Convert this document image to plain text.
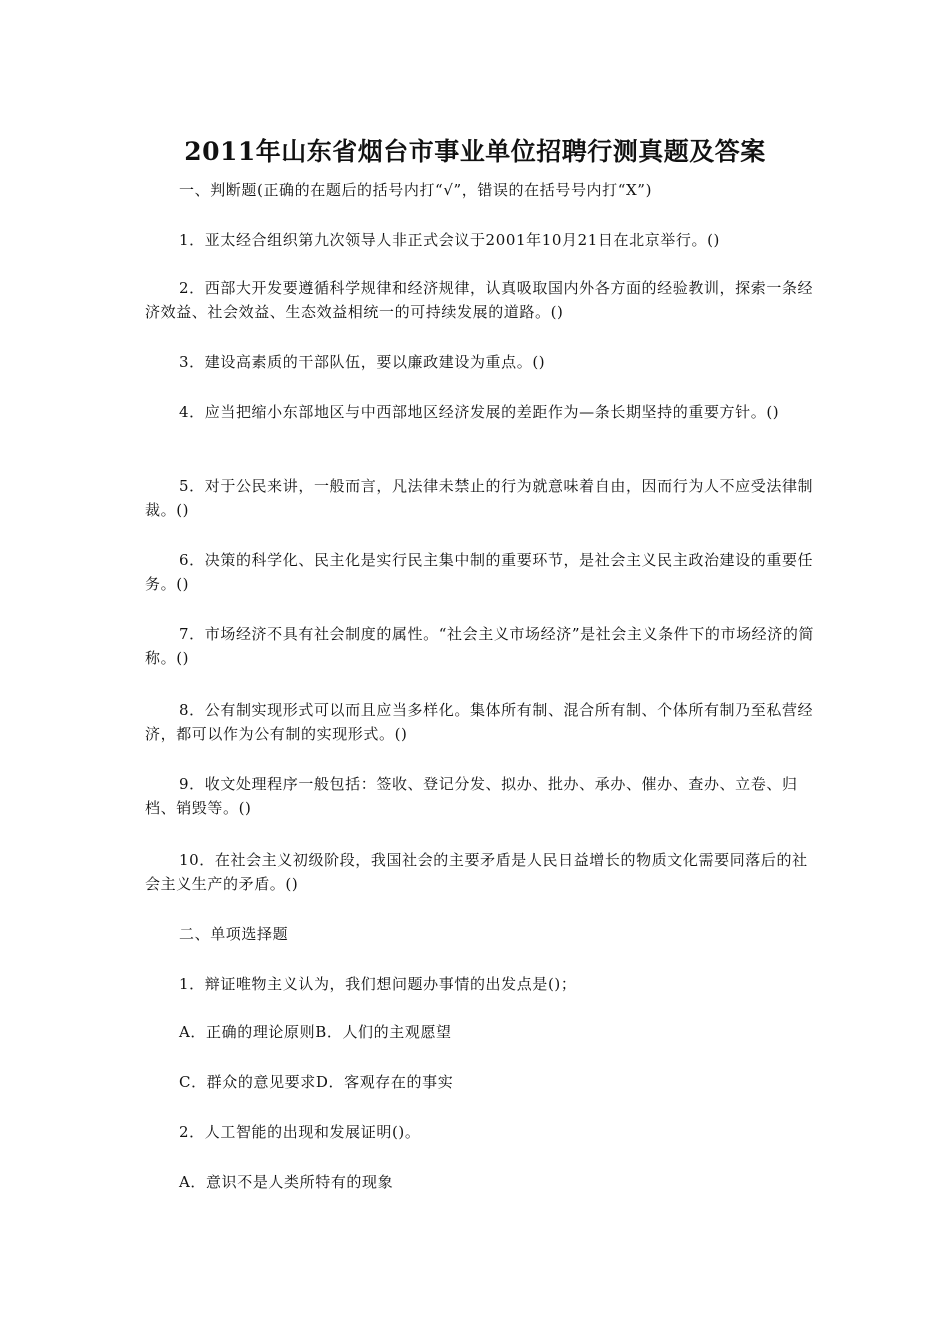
2011年山东省烟台市事业单位招聘行测真题及答案

一、判断题(正确的在题后的括号内打“√”，错误的在括号号内打“X”)

1．亚太经合组织第九次领导人非正式会议于2001年10月21日在北京举行。()

2．西部大开发要遵循科学规律和经济规律，认真吸取国内外各方面的经验教训，探索一条经济效益、社会效益、生态效益相统一的可持续发展的道路。()

3．建设高素质的干部队伍，要以廉政建设为重点。()

4．应当把缩小东部地区与中西部地区经济发展的差距作为—条长期坚持的重要方针。()

5．对于公民来讲，一般而言，凡法律未禁止的行为就意味着自由，因而行为人不应受法律制裁。()

6．决策的科学化、民主化是实行民主集中制的重要环节，是社会主义民主政治建设的重要任务。()

7．市场经济不具有社会制度的属性。“社会主义市场经济”是社会主义条件下的市场经济的简称。()

8．公有制实现形式可以而且应当多样化。集体所有制、混合所有制、个体所有制乃至私营经济，都可以作为公有制的实现形式。()

9．收文处理程序一般包括：签收、登记分发、拟办、批办、承办、催办、查办、立卷、归档、销毁等。()

10．在社会主义初级阶段，我国社会的主要矛盾是人民日益增长的物质文化需要同落后的社会主义生产的矛盾。()

二、单项选择题

1．辩证唯物主义认为，我们想问题办事情的出发点是()；

A．正确的理论原则B．人们的主观愿望

C．群众的意见要求D．客观存在的事实

2．人工智能的出现和发展证明()。

A．意识不是人类所特有的现象
